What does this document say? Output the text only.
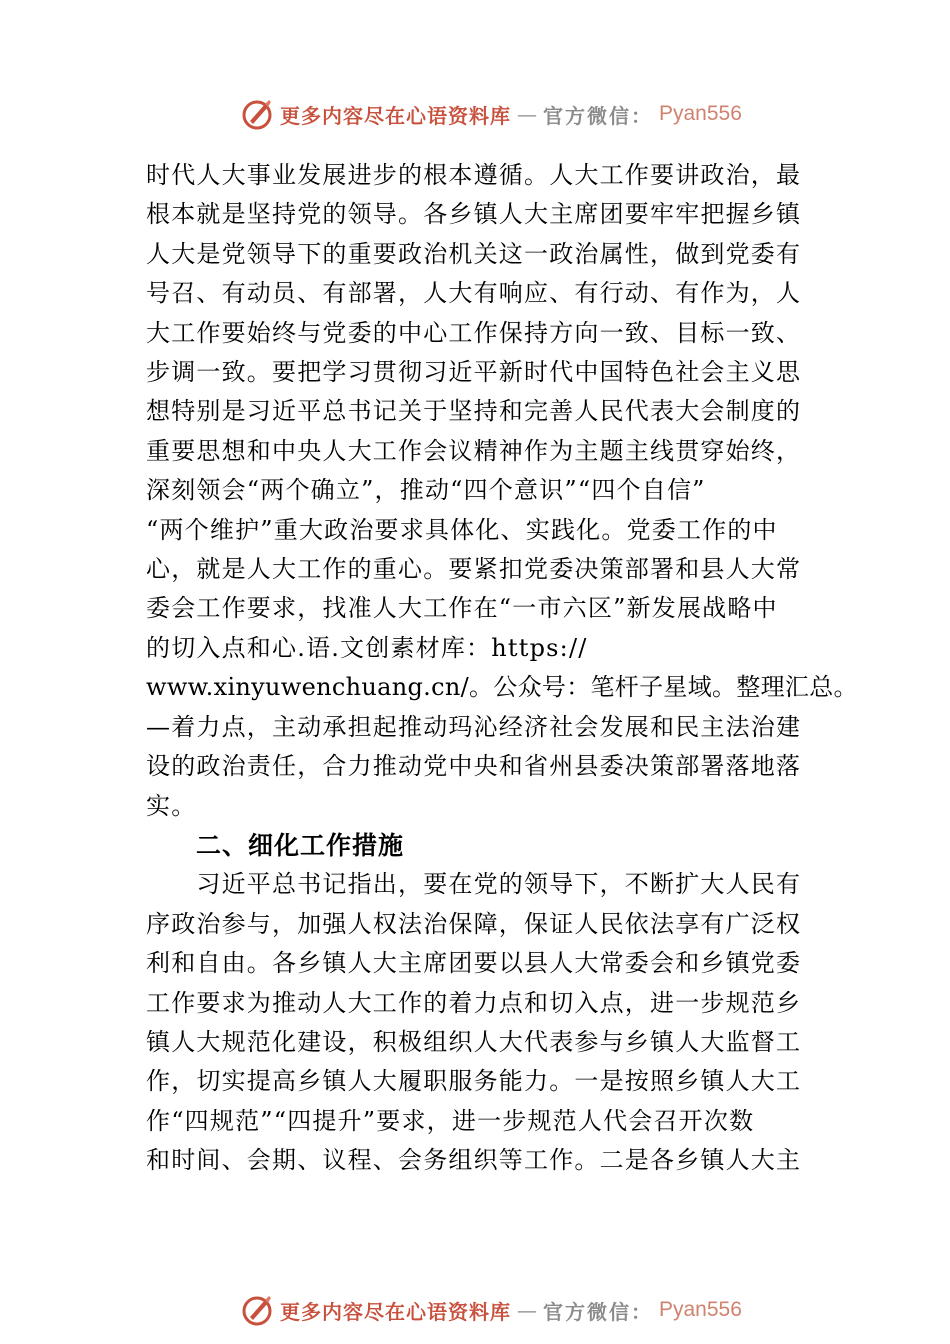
更多内容尽在心语资料库 — 官方微信： Pyan556

时代人大事业发展进步的根本遵循。人大工作要讲政治，最
根本就是坚持党的领导。各乡镇人大主席团要牢牢把握乡镇
人大是党领导下的重要政治机关这一政治属性，做到党委有
号召、有动员、有部署，人大有响应、有行动、有作为，人
大工作要始终与党委的中心工作保持方向一致、目标一致、
步调一致。要把学习贯彻习近平新时代中国特色社会主义思
想特别是习近平总书记关于坚持和完善人民代表大会制度的
重要思想和中央人大工作会议精神作为主题主线贯穿始终，
深刻领会“两个确立”，推动“四个意识”“四个自信”
“两个维护”重大政治要求具体化、实践化。党委工作的中
心，就是人大工作的重心。要紧扣党委决策部署和县人大常
委会工作要求，找准人大工作在“一市六区”新发展战略中
的切入点和心.语.文创素材库：https://
www.xinyuwenchuang.cn/。公众号：笔杆子星域。整理汇总。
—着力点，主动承担起推动玛沁经济社会发展和民主法治建
设的政治责任，合力推动党中央和省州县委决策部署落地落
实。

二、细化工作措施

　　习近平总书记指出，要在党的领导下，不断扩大人民有
序政治参与，加强人权法治保障，保证人民依法享有广泛权
利和自由。各乡镇人大主席团要以县人大常委会和乡镇党委
工作要求为推动人大工作的着力点和切入点，进一步规范乡
镇人大规范化建设，积极组织人大代表参与乡镇人大监督工
作，切实提高乡镇人大履职服务能力。一是按照乡镇人大工
作“四规范”“四提升”要求，进一步规范人代会召开次数
和时间、会期、议程、会务组织等工作。二是各乡镇人大主

更多内容尽在心语资料库 — 官方微信： Pyan556
